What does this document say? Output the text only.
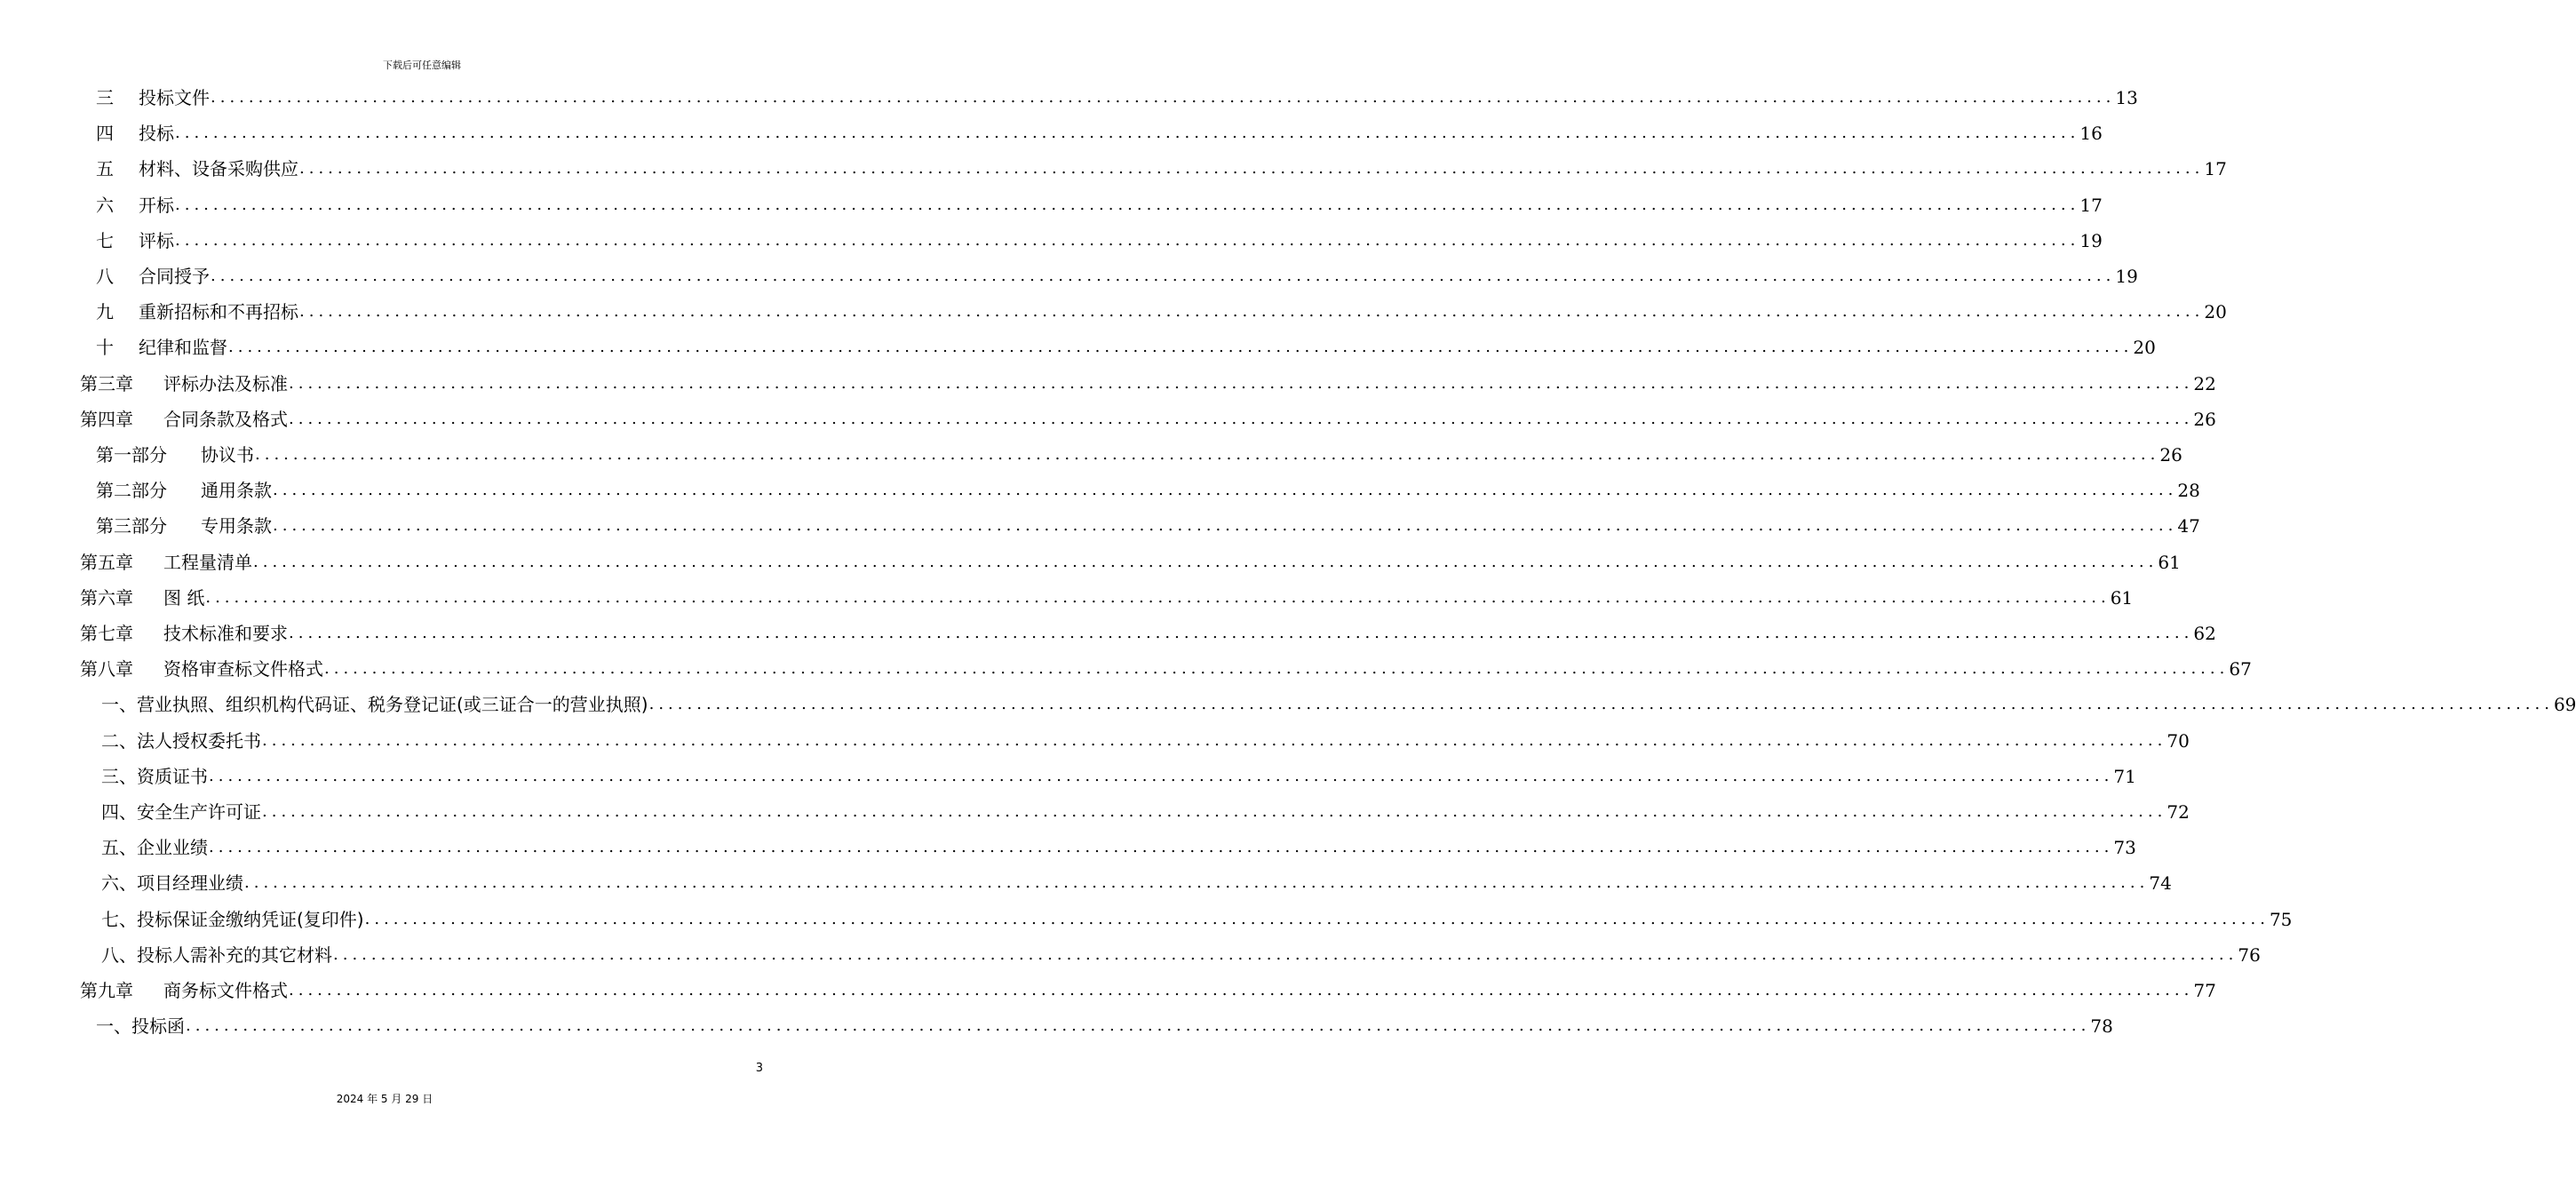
下载后可任意编辑
三	投标文件 ........................................................................................................................................................................................................ 13
四	投标 ........................................................................................................................................................................................................ 16
五	材料、设备采购供应 ........................................................................................................................................................................................................ 17
六	开标 ........................................................................................................................................................................................................ 17
七	评标 ........................................................................................................................................................................................................ 19
八	合同授予 ........................................................................................................................................................................................................ 19
九	重新招标和不再招标 ........................................................................................................................................................................................................ 20
十	纪律和监督 ........................................................................................................................................................................................................ 20
第三章	评标办法及标准 ........................................................................................................................................................................................................ 22
第四章	合同条款及格式 ........................................................................................................................................................................................................ 26
第一部分	协议书 ........................................................................................................................................................................................................ 26
第二部分	通用条款 ........................................................................................................................................................................................................ 28
第三部分	专用条款 ........................................................................................................................................................................................................ 47
第五章	工程量清单 ........................................................................................................................................................................................................ 61
第六章	图 纸 ........................................................................................................................................................................................................ 61
第七章	技术标准和要求 ........................................................................................................................................................................................................ 62
第八章	资格审查标文件格式 ........................................................................................................................................................................................................ 67
一、营业执照、组织机构代码证、税务登记证(或三证合一的营业执照) ........................................................................................................................................................................................................ 69
二、法人授权委托书 ........................................................................................................................................................................................................ 70
三、资质证书 ........................................................................................................................................................................................................ 71
四、安全生产许可证 ........................................................................................................................................................................................................ 72
五、企业业绩 ........................................................................................................................................................................................................ 73
六、项目经理业绩 ........................................................................................................................................................................................................ 74
七、投标保证金缴纳凭证(复印件) ........................................................................................................................................................................................................ 75
八、投标人需补充的其它材料 ........................................................................................................................................................................................................ 76
第九章	商务标文件格式 ........................................................................................................................................................................................................ 77
一、投标函 ........................................................................................................................................................................................................ 78
3
2024 年 5 月 29 日
